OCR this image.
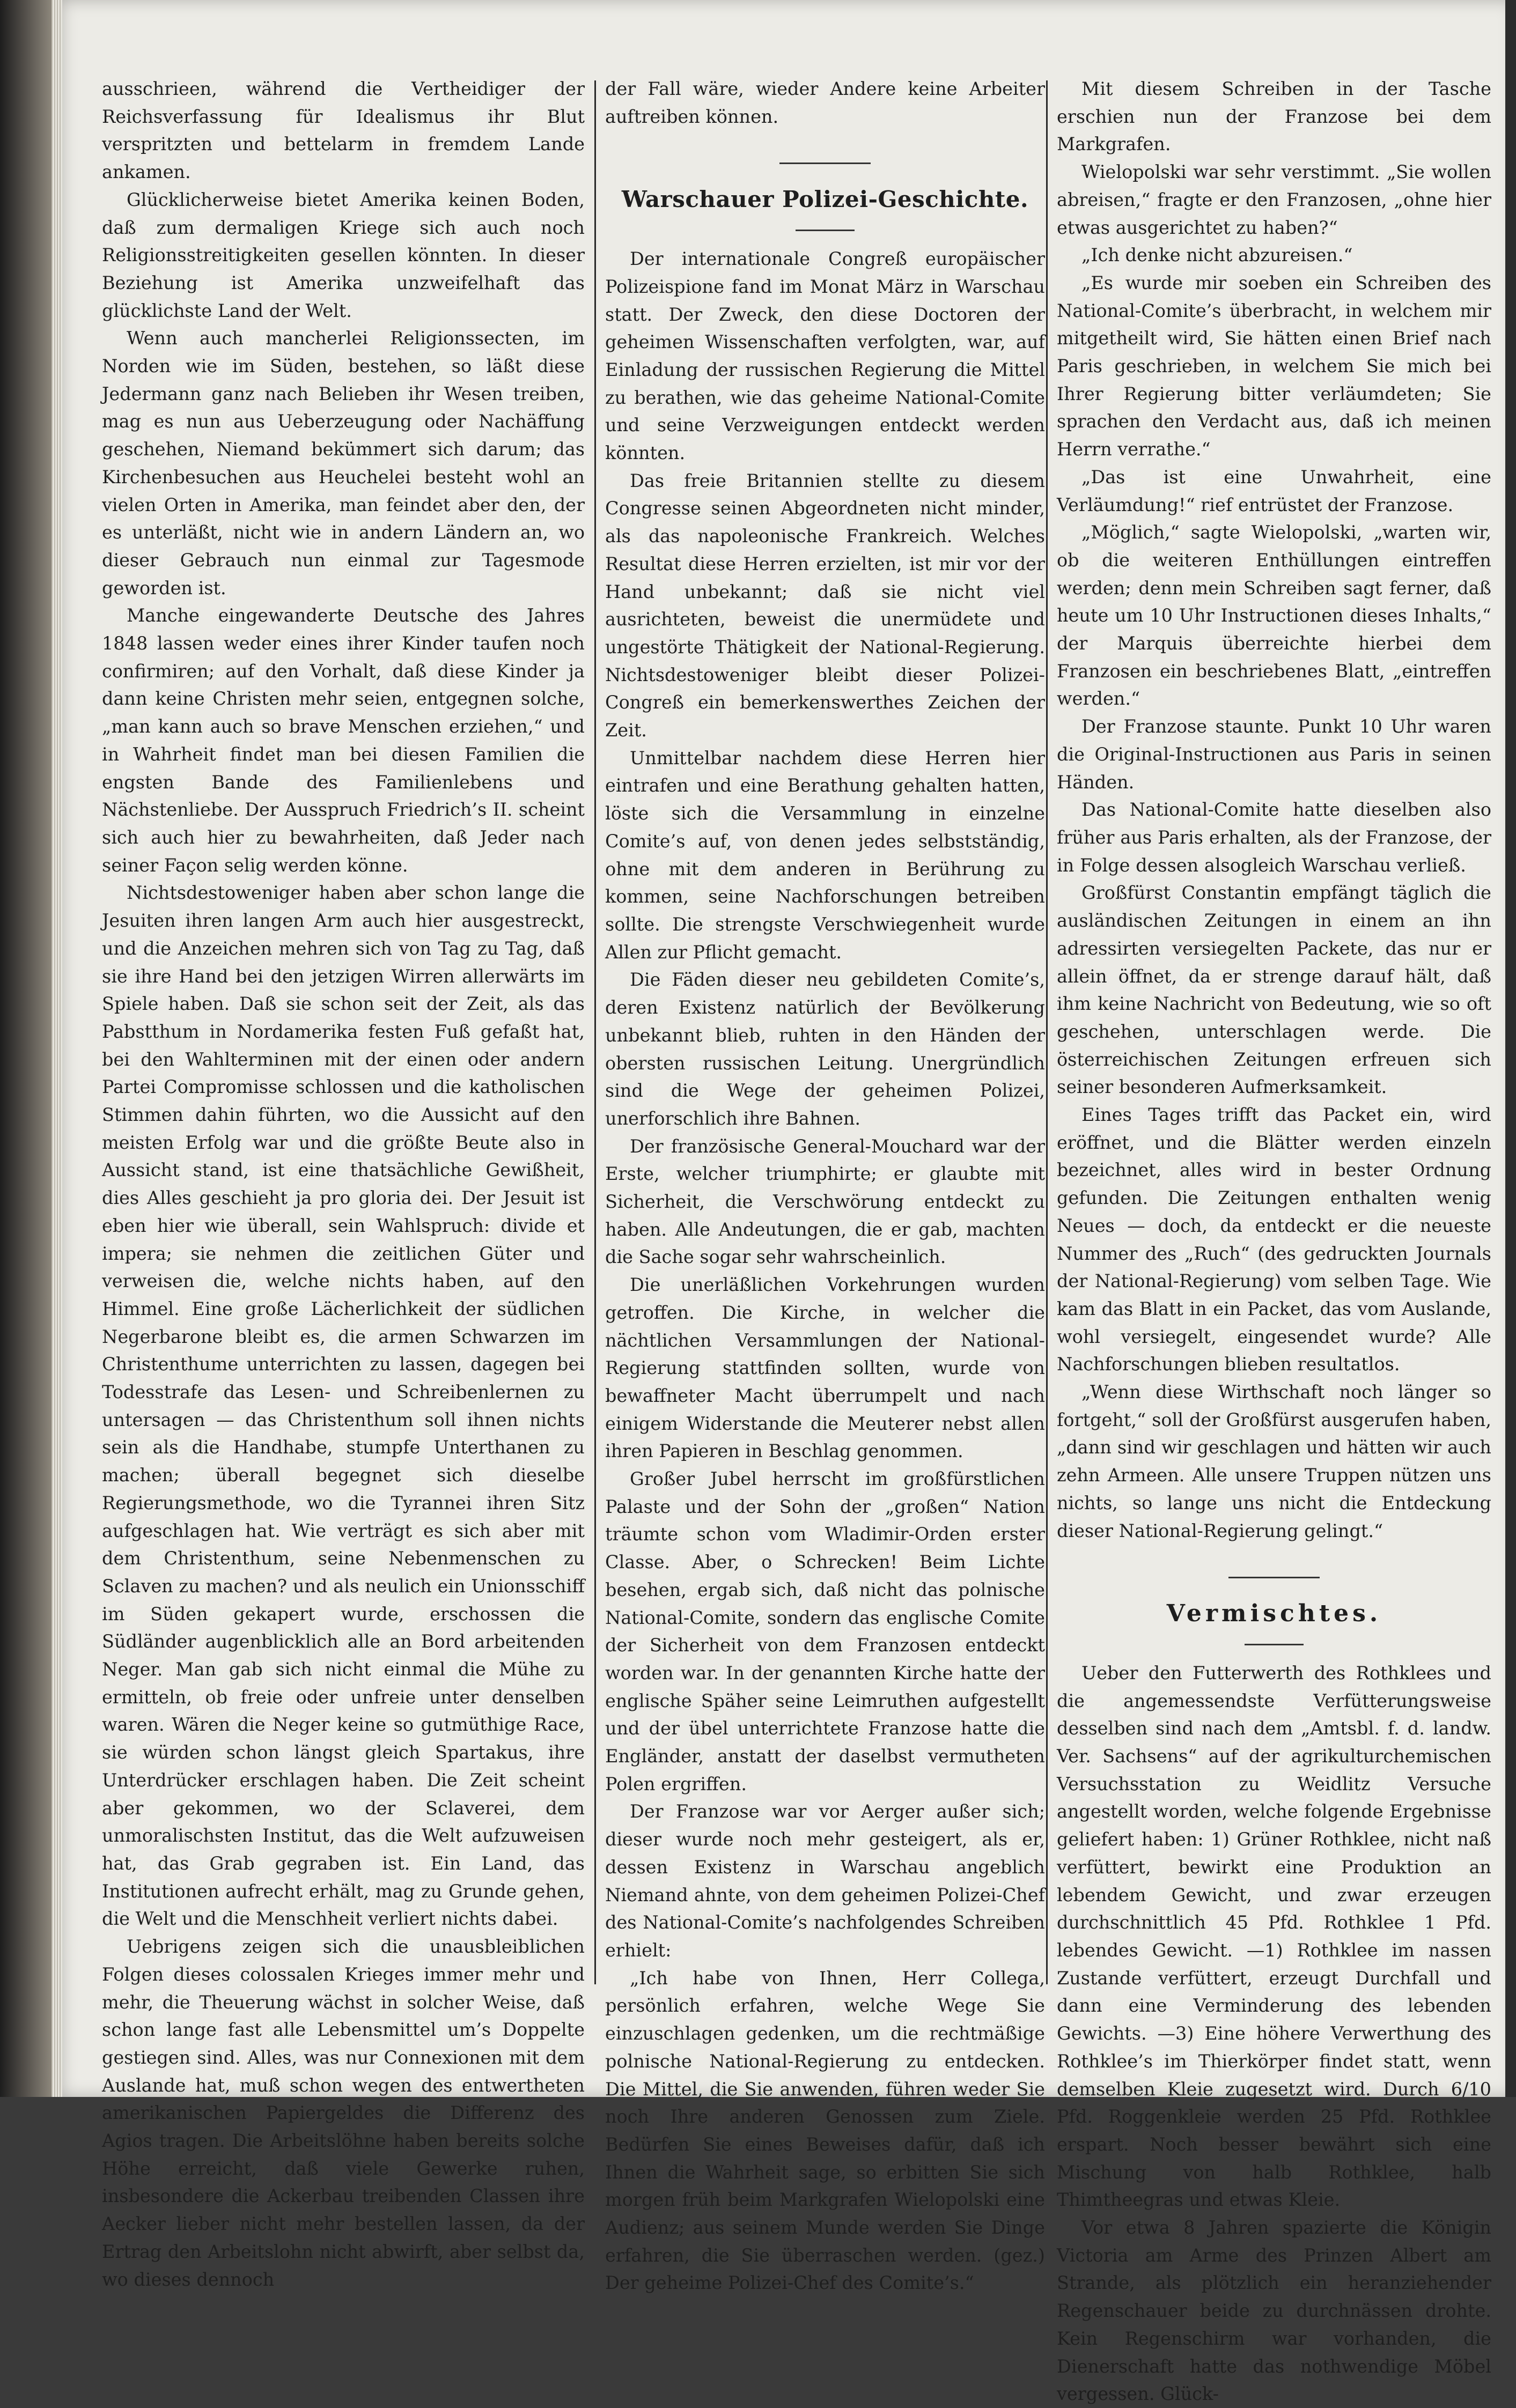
ausschrieen, während die Vertheidiger der Reichsverfassung für Idealismus ihr Blut verspritzten und bettelarm in fremdem Lande ankamen.

Glücklicherweise bietet Amerika keinen Boden, daß zum dermaligen Kriege sich auch noch Religionsstreitigkeiten gesellen könnten. In dieser Beziehung ist Amerika unzweifelhaft das glücklichste Land der Welt.

Wenn auch mancherlei Religionssecten, im Norden wie im Süden, bestehen, so läßt diese Jedermann ganz nach Belieben ihr Wesen treiben, mag es nun aus Ueberzeugung oder Nachäffung geschehen, Niemand bekümmert sich darum; das Kirchenbesuchen aus Heuchelei besteht wohl an vielen Orten in Amerika, man feindet aber den, der es unterläßt, nicht wie in andern Ländern an, wo dieser Gebrauch nun einmal zur Tagesmode geworden ist.

Manche eingewanderte Deutsche des Jahres 1848 lassen weder eines ihrer Kinder taufen noch confirmiren; auf den Vorhalt, daß diese Kinder ja dann keine Christen mehr seien, entgegnen solche, „man kann auch so brave Menschen erziehen,“ und in Wahrheit findet man bei diesen Familien die engsten Bande des Familienlebens und Nächstenliebe. Der Ausspruch Friedrich’s II. scheint sich auch hier zu bewahrheiten, daß Jeder nach seiner Façon selig werden könne.

Nichtsdestoweniger haben aber schon lange die Jesuiten ihren langen Arm auch hier ausgestreckt, und die Anzeichen mehren sich von Tag zu Tag, daß sie ihre Hand bei den jetzigen Wirren allerwärts im Spiele haben. Daß sie schon seit der Zeit, als das Pabstthum in Nordamerika festen Fuß gefaßt hat, bei den Wahlterminen mit der einen oder andern Partei Compromisse schlossen und die katholischen Stimmen dahin führten, wo die Aussicht auf den meisten Erfolg war und die größte Beute also in Aussicht stand, ist eine thatsächliche Gewißheit, dies Alles geschieht ja pro gloria dei. Der Jesuit ist eben hier wie überall, sein Wahlspruch: divide et impera; sie nehmen die zeitlichen Güter und verweisen die, welche nichts haben, auf den Himmel. Eine große Lächerlichkeit der südlichen Negerbarone bleibt es, die armen Schwarzen im Christenthume unterrichten zu lassen, dagegen bei Todesstrafe das Lesen- und Schreibenlernen zu untersagen — das Christenthum soll ihnen nichts sein als die Handhabe, stumpfe Unterthanen zu machen; überall begegnet sich dieselbe Regierungsmethode, wo die Tyrannei ihren Sitz aufgeschlagen hat. Wie verträgt es sich aber mit dem Christenthum, seine Nebenmenschen zu Sclaven zu machen? und als neulich ein Unionsschiff im Süden gekapert wurde, erschossen die Südländer augenblicklich alle an Bord arbeitenden Neger. Man gab sich nicht einmal die Mühe zu ermitteln, ob freie oder unfreie unter denselben waren. Wären die Neger keine so gutmüthige Race, sie würden schon längst gleich Spartakus, ihre Unterdrücker erschlagen haben. Die Zeit scheint aber gekommen, wo der Sclaverei, dem unmoralischsten Institut, das die Welt aufzuweisen hat, das Grab gegraben ist. Ein Land, das Institutionen aufrecht erhält, mag zu Grunde gehen, die Welt und die Menschheit verliert nichts dabei.

Uebrigens zeigen sich die unausbleiblichen Folgen dieses colossalen Krieges immer mehr und mehr, die Theuerung wächst in solcher Weise, daß schon lange fast alle Lebensmittel um’s Doppelte gestiegen sind. Alles, was nur Connexionen mit dem Auslande hat, muß schon wegen des entwertheten amerikanischen Papiergeldes die Differenz des Agios tragen. Die Arbeitslöhne haben bereits solche Höhe erreicht, daß viele Gewerke ruhen, insbesondere die Ackerbau treibenden Classen ihre Aecker lieber nicht mehr bestellen lassen, da der Ertrag den Arbeitslohn nicht abwirft, aber selbst da, wo dieses dennoch

der Fall wäre, wieder Andere keine Arbeiter auftreiben können.

Warschauer Polizei-Geschichte.

Der internationale Congreß europäischer Polizeispione fand im Monat März in Warschau statt. Der Zweck, den diese Doctoren der geheimen Wissenschaften verfolgten, war, auf Einladung der russischen Regierung die Mittel zu berathen, wie das geheime National-Comite und seine Verzweigungen entdeckt werden könnten.

Das freie Britannien stellte zu diesem Congresse seinen Abgeordneten nicht minder, als das napoleonische Frankreich. Welches Resultat diese Herren erzielten, ist mir vor der Hand unbekannt; daß sie nicht viel ausrichteten, beweist die unermüdete und ungestörte Thätigkeit der National-Regierung. Nichtsdestoweniger bleibt dieser Polizei-Congreß ein bemerkenswerthes Zeichen der Zeit.

Unmittelbar nachdem diese Herren hier eintrafen und eine Berathung gehalten hatten, löste sich die Versammlung in einzelne Comite’s auf, von denen jedes selbstständig, ohne mit dem anderen in Berührung zu kommen, seine Nachforschungen betreiben sollte. Die strengste Verschwiegenheit wurde Allen zur Pflicht gemacht.

Die Fäden dieser neu gebildeten Comite’s, deren Existenz natürlich der Bevölkerung unbekannt blieb, ruhten in den Händen der obersten russischen Leitung. Unergründlich sind die Wege der geheimen Polizei, unerforschlich ihre Bahnen.

Der französische General-Mouchard war der Erste, welcher triumphirte; er glaubte mit Sicherheit, die Verschwörung entdeckt zu haben. Alle Andeutungen, die er gab, machten die Sache sogar sehr wahrscheinlich.

Die unerläßlichen Vorkehrungen wurden getroffen. Die Kirche, in welcher die nächtlichen Versammlungen der National-Regierung stattfinden sollten, wurde von bewaffneter Macht überrumpelt und nach einigem Widerstande die Meuterer nebst allen ihren Papieren in Beschlag genommen.

Großer Jubel herrscht im großfürstlichen Palaste und der Sohn der „großen“ Nation träumte schon vom Wladimir-Orden erster Classe. Aber, o Schrecken! Beim Lichte besehen, ergab sich, daß nicht das polnische National-Comite, sondern das englische Comite der Sicherheit von dem Franzosen entdeckt worden war. In der genannten Kirche hatte der englische Späher seine Leimruthen aufgestellt und der übel unterrichtete Franzose hatte die Engländer, anstatt der daselbst vermutheten Polen ergriffen.

Der Franzose war vor Aerger außer sich; dieser wurde noch mehr gesteigert, als er, dessen Existenz in Warschau angeblich Niemand ahnte, von dem geheimen Polizei-Chef des National-Comite’s nachfolgendes Schreiben erhielt:

„Ich habe von Ihnen, Herr Collega, persönlich erfahren, welche Wege Sie einzuschlagen gedenken, um die rechtmäßige polnische National-Regierung zu entdecken. Die Mittel, die Sie anwenden, führen weder Sie noch Ihre anderen Genossen zum Ziele. Bedürfen Sie eines Beweises dafür, daß ich Ihnen die Wahrheit sage, so erbitten Sie sich morgen früh beim Markgrafen Wielopolski eine Audienz; aus seinem Munde werden Sie Dinge erfahren, die Sie überraschen werden. (gez.) Der geheime Polizei-Chef des Comite’s.“

Mit diesem Schreiben in der Tasche erschien nun der Franzose bei dem Markgrafen.

Wielopolski war sehr verstimmt. „Sie wollen abreisen,“ fragte er den Franzosen, „ohne hier etwas ausgerichtet zu haben?“

„Ich denke nicht abzureisen.“

„Es wurde mir soeben ein Schreiben des National-Comite’s überbracht, in welchem mir mitgetheilt wird, Sie hätten einen Brief nach Paris geschrieben, in welchem Sie mich bei Ihrer Regierung bitter verläumdeten; Sie sprachen den Verdacht aus, daß ich meinen Herrn verrathe.“

„Das ist eine Unwahrheit, eine Verläumdung!“ rief entrüstet der Franzose.

„Möglich,“ sagte Wielopolski, „warten wir, ob die weiteren Enthüllungen eintreffen werden; denn mein Schreiben sagt ferner, daß heute um 10 Uhr Instructionen dieses Inhalts,“ der Marquis überreichte hierbei dem Franzosen ein beschriebenes Blatt, „eintreffen werden.“

Der Franzose staunte. Punkt 10 Uhr waren die Original-Instructionen aus Paris in seinen Händen.

Das National-Comite hatte dieselben also früher aus Paris erhalten, als der Franzose, der in Folge dessen alsogleich Warschau verließ.

Großfürst Constantin empfängt täglich die ausländischen Zeitungen in einem an ihn adressirten versiegelten Packete, das nur er allein öffnet, da er strenge darauf hält, daß ihm keine Nachricht von Bedeutung, wie so oft geschehen, unterschlagen werde. Die österreichischen Zeitungen erfreuen sich seiner besonderen Aufmerksamkeit.

Eines Tages trifft das Packet ein, wird eröffnet, und die Blätter werden einzeln bezeichnet, alles wird in bester Ordnung gefunden. Die Zeitungen enthalten wenig Neues — doch, da entdeckt er die neueste Nummer des „Ruch“ (des gedruckten Journals der National-Regierung) vom selben Tage. Wie kam das Blatt in ein Packet, das vom Auslande, wohl versiegelt, eingesendet wurde? Alle Nachforschungen blieben resultatlos.

„Wenn diese Wirthschaft noch länger so fortgeht,“ soll der Großfürst ausgerufen haben, „dann sind wir geschlagen und hätten wir auch zehn Armeen. Alle unsere Truppen nützen uns nichts, so lange uns nicht die Entdeckung dieser National-Regierung gelingt.“

Vermischtes.

Ueber den Futterwerth des Rothklees und die angemessendste Verfütterungsweise desselben sind nach dem „Amtsbl. f. d. landw. Ver. Sachsens“ auf der agrikulturchemischen Versuchsstation zu Weidlitz Versuche angestellt worden, welche folgende Ergebnisse geliefert haben: 1) Grüner Rothklee, nicht naß verfüttert, bewirkt eine Produktion an lebendem Gewicht, und zwar erzeugen durchschnittlich 45 Pfd. Rothklee 1 Pfd. lebendes Gewicht. —1) Rothklee im nassen Zustande verfüttert, erzeugt Durchfall und dann eine Verminderung des lebenden Gewichts. —3) Eine höhere Verwerthung des Rothklee’s im Thierkörper findet statt, wenn demselben Kleie zugesetzt wird. Durch 6/10 Pfd. Roggenkleie werden 25 Pfd. Rothklee erspart. Noch besser bewährt sich eine Mischung von halb Rothklee, halb Thimtheegras und etwas Kleie.

Vor etwa 8 Jahren spazierte die Königin Victoria am Arme des Prinzen Albert am Strande, als plötzlich ein heranziehender Regenschauer beide zu durchnässen drohte. Kein Regenschirm war vorhanden, die Dienerschaft hatte das nothwendige Möbel vergessen. Glück-
